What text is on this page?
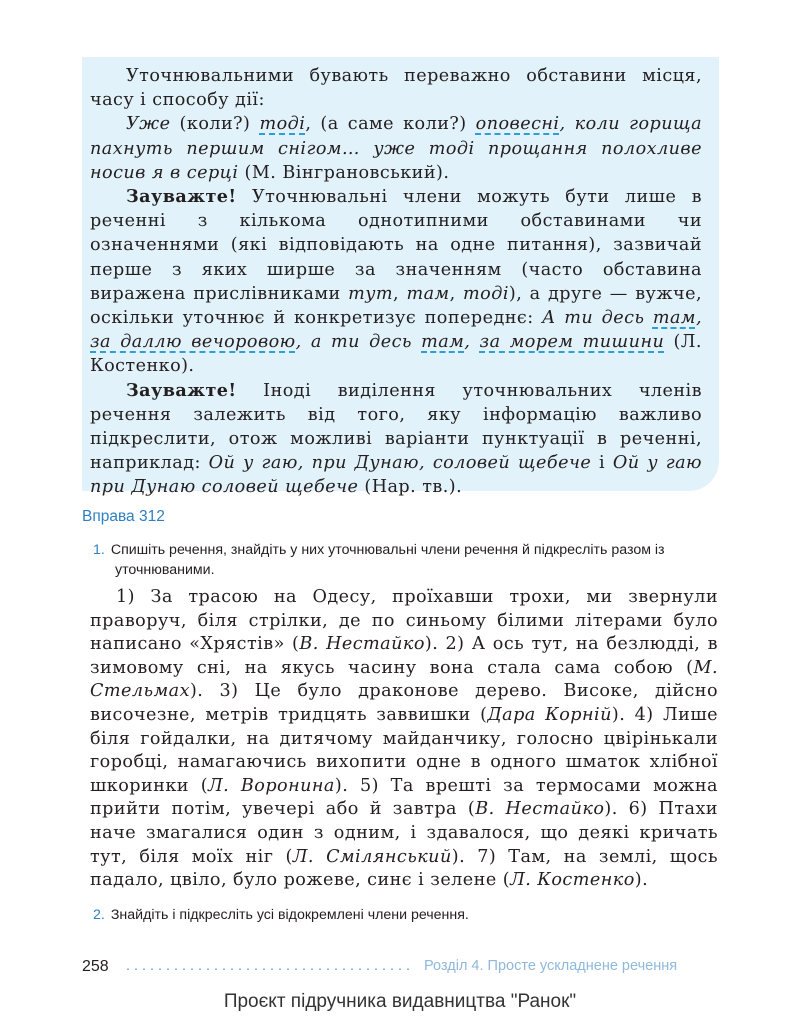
Уточнювальними бувають переважно обставини місця, часу і способу дії:

Уже (коли?) тоді, (а саме коли?) оповесні, коли горища пахнуть першим снігом… уже тоді прощання полохливе носив я в серці (М. Вінграновський).

Зауважте! Уточнювальні члени можуть бути лише в реченні з кількома однотипними обставинами чи означеннями (які відповідають на одне питання), зазвичай перше з яких ширше за значенням (часто обставина виражена прислівниками тут, там, тоді), а друге — вужче, оскільки уточнює й конкретизує попереднє: А ти десь там, за даллю вечоровою, а ти десь там, за морем тишини (Л. Костенко).

Зауважте! Іноді виділення уточнювальних членів речення залежить від того, яку інформацію важливо підкреслити, отож можливі варіанти пунктуації в реченні, наприклад: Ой у гаю, при Дунаю, соловей щебече і Ой у гаю при Дунаю соловей щебече (Нар. тв.).

Вправа 312
1. Спишіть речення, знайдіть у них уточнювальні члени речення й підкресліть разом із уточнюваними.

1) За трасою на Одесу, проїхавши трохи, ми звернули праворуч, біля стрілки, де по синьому білими літерами було написано «Хрястів» (В. Нестайко). 2) А ось тут, на безлюдді, в зимовому сні, на якусь часину вона стала сама собою (М. Стельмах). 3) Це було драконове дерево. Високе, дійсно височезне, метрів тридцять заввишки (Дара Корній). 4) Лише біля гойдалки, на дитячому майданчику, голосно цвірінькали горобці, намагаючись вихопити одне в одного шматок хлібної шкоринки (Л. Воронина). 5) Та врешті за термосами можна прийти потім, увечері або й завтра (В. Нестайко). 6) Птахи наче змагалися один з одним, і здавалося, що деякі кричать тут, біля моїх ніг (Л. Смілянський). 7) Там, на землі, щось падало, цвіло, було рожеве, синє і зелене (Л. Костенко).

2. Знайдіть і підкресліть усі відокремлені члени речення.
258	Розділ 4. Просте ускладнене речення
Проєкт підручника видавництва "Ранок"
